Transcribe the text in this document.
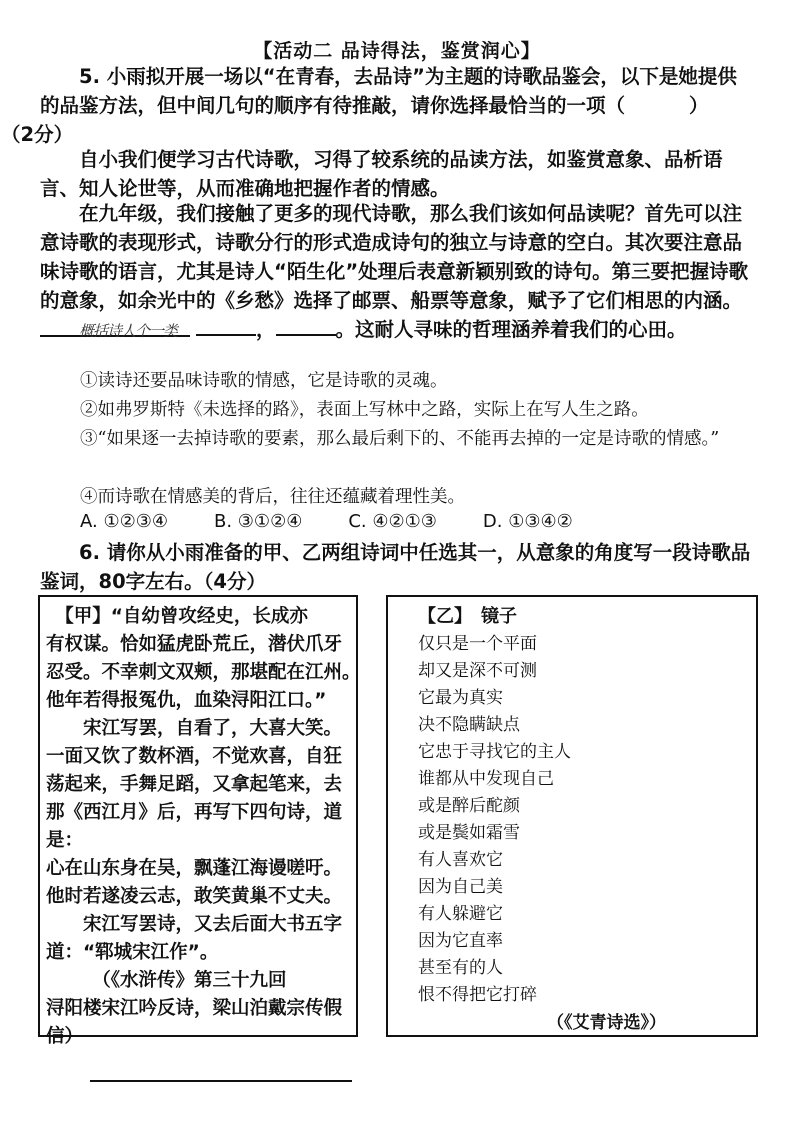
【活动二 品诗得法，鉴赏润心】
5. 小雨拟开展一场以“在青春，去品诗”为主题的诗歌品鉴会，以下是她提供的品鉴方法，但中间几句的顺序有待推敲，请你选择最恰当的一项（	）
（2分）
自小我们便学习古代诗歌，习得了较系统的品读方法，如鉴赏意象、品析语言、知人论世等，从而准确地把握作者的情感。
在九年级，我们接触了更多的现代诗歌，那么我们该如何品读呢？首先可以注意诗歌的表现形式，诗歌分行的形式造成诗句的独立与诗意的空白。其次要注意品味诗歌的语言，尤其是诗人“陌生化”处理后表意新颖别致的诗句。第三要把握诗歌的意象，如余光中的《乡愁》选择了邮票、船票等意象，赋予了它们相思的内涵。 概括诗人个一类	，	。这耐人寻味的哲理涵养着我们的心田。
①读诗还要品味诗歌的情感，它是诗歌的灵魂。
②如弗罗斯特《未选择的路》，表面上写林中之路，实际上在写人生之路。
③“如果逐一去掉诗歌的要素，那么最后剩下的、不能再去掉的一定是诗歌的情感。”
④而诗歌在情感美的背后，往往还蕴藏着理性美。
A. ①②③④	B. ③①②④	C. ④②①③	D. ①③④②
6. 请你从小雨准备的甲、乙两组诗词中任选其一，从意象的角度写一段诗歌品鉴词，80字左右。（4分）
　【甲】“自幼曾攻经史，长成亦
有权谋。恰如猛虎卧荒丘，潜伏爪牙
忍受。不幸刺文双颊，那堪配在江州。
他年若得报冤仇，血染浔阳江口。”
　　宋江写罢，自看了，大喜大笑。
一面又饮了数杯酒，不觉欢喜，自狂
荡起来，手舞足蹈，又拿起笔来，去
那《西江月》后，再写下四句诗，道
是：
心在山东身在吴，飘蓬江海谩嗟吁。
他时若遂凌云志，敢笑黄巢不丈夫。
　　宋江写罢诗，又去后面大书五字
道：“郓城宋江作”。
　　　（《水浒传》第三十九回
浔阳楼宋江吟反诗，梁山泊戴宗传假
信）
【乙】　镜子
仅只是一个平面
却又是深不可测
它最为真实
决不隐瞒缺点
它忠于寻找它的主人
谁都从中发现自己
或是醉后酡颜
或是鬓如霜雪
有人喜欢它
因为自己美
有人躲避它
因为它直率
甚至有的人
恨不得把它打碎
（《艾青诗选》）
